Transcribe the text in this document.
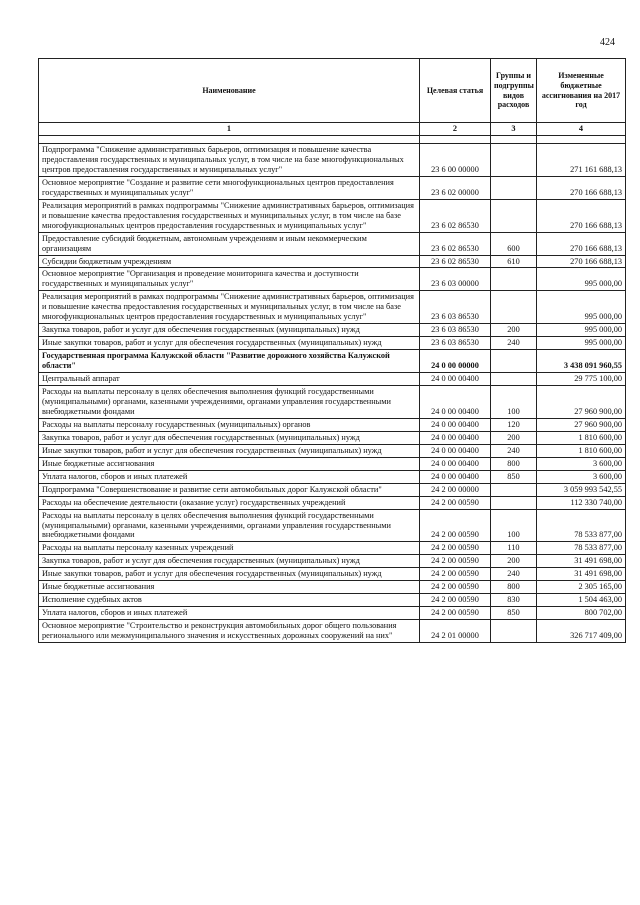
424
Наименование	Целевая статья	Группы и подгруппы видов расходов	Измененные бюджетные ассигнования на 2017 год
1	2	3	4

Подпрограмма "Снижение административных барьеров, оптимизация и повышение качества предоставления государственных и муниципальных услуг, в том числе на базе многофункциональных центров предоставления государственных и муниципальных услуг"	23 6 00 00000		271 161 688,13
Основное мероприятие "Создание и развитие сети многофункциональных центров предоставления государственных и муниципальных услуг"	23 6 02 00000		270 166 688,13
Реализация мероприятий в рамках подпрограммы "Снижение административных барьеров, оптимизация и повышение качества предоставления государственных и муниципальных услуг, в том числе на базе многофункциональных центров предоставления государственных и муниципальных услуг"	23 6 02 86530		270 166 688,13
Предоставление субсидий бюджетным, автономным учреждениям и иным некоммерческим организациям	23 6 02 86530	600	270 166 688,13
Субсидии бюджетным учреждениям	23 6 02 86530	610	270 166 688,13
Основное мероприятие "Организация и проведение мониторинга качества и доступности государственных и муниципальных услуг"	23 6 03 00000		995 000,00
Реализация мероприятий в рамках подпрограммы "Снижение административных барьеров, оптимизация и повышение качества предоставления государственных и муниципальных услуг, в том числе на базе многофункциональных центров предоставления государственных и муниципальных услуг"	23 6 03 86530		995 000,00
Закупка товаров, работ и услуг для обеспечения государственных (муниципальных) нужд	23 6 03 86530	200	995 000,00
Иные закупки товаров, работ и услуг для обеспечения государственных (муниципальных) нужд	23 6 03 86530	240	995 000,00
Государственная программа Калужской области "Развитие дорожного хозяйства Калужской области"	24 0 00 00000		3 438 091 960,55
Центральный аппарат	24 0 00 00400		29 775 100,00
Расходы на выплаты персоналу в целях обеспечения выполнения функций государственными (муниципальными) органами, казенными учреждениями, органами управления государственными внебюджетными фондами	24 0 00 00400	100	27 960 900,00
Расходы на выплаты персоналу государственных (муниципальных) органов	24 0 00 00400	120	27 960 900,00
Закупка товаров, работ и услуг для обеспечения государственных (муниципальных) нужд	24 0 00 00400	200	1 810 600,00
Иные закупки товаров, работ и услуг для обеспечения государственных (муниципальных) нужд	24 0 00 00400	240	1 810 600,00
Иные бюджетные ассигнования	24 0 00 00400	800	3 600,00
Уплата налогов, сборов и иных платежей	24 0 00 00400	850	3 600,00
Подпрограмма "Совершенствование и развитие сети автомобильных дорог Калужской области"	24 2 00 00000		3 059 993 542,55
Расходы на обеспечение деятельности (оказание услуг) государственных учреждений	24 2 00 00590		112 330 740,00
Расходы на выплаты персоналу в целях обеспечения выполнения функций государственными (муниципальными) органами, казенными учреждениями, органами управления государственными внебюджетными фондами	24 2 00 00590	100	78 533 877,00
Расходы на выплаты персоналу казенных учреждений	24 2 00 00590	110	78 533 877,00
Закупка товаров, работ и услуг для обеспечения государственных (муниципальных) нужд	24 2 00 00590	200	31 491 698,00
Иные закупки товаров, работ и услуг для обеспечения государственных (муниципальных) нужд	24 2 00 00590	240	31 491 698,00
Иные бюджетные ассигнования	24 2 00 00590	800	2 305 165,00
Исполнение судебных актов	24 2 00 00590	830	1 504 463,00
Уплата налогов, сборов и иных платежей	24 2 00 00590	850	800 702,00
Основное мероприятие "Строительство и реконструкция автомобильных дорог общего пользования регионального или межмуниципального значения и искусственных дорожных сооружений на них"	24 2 01 00000		326 717 409,00
